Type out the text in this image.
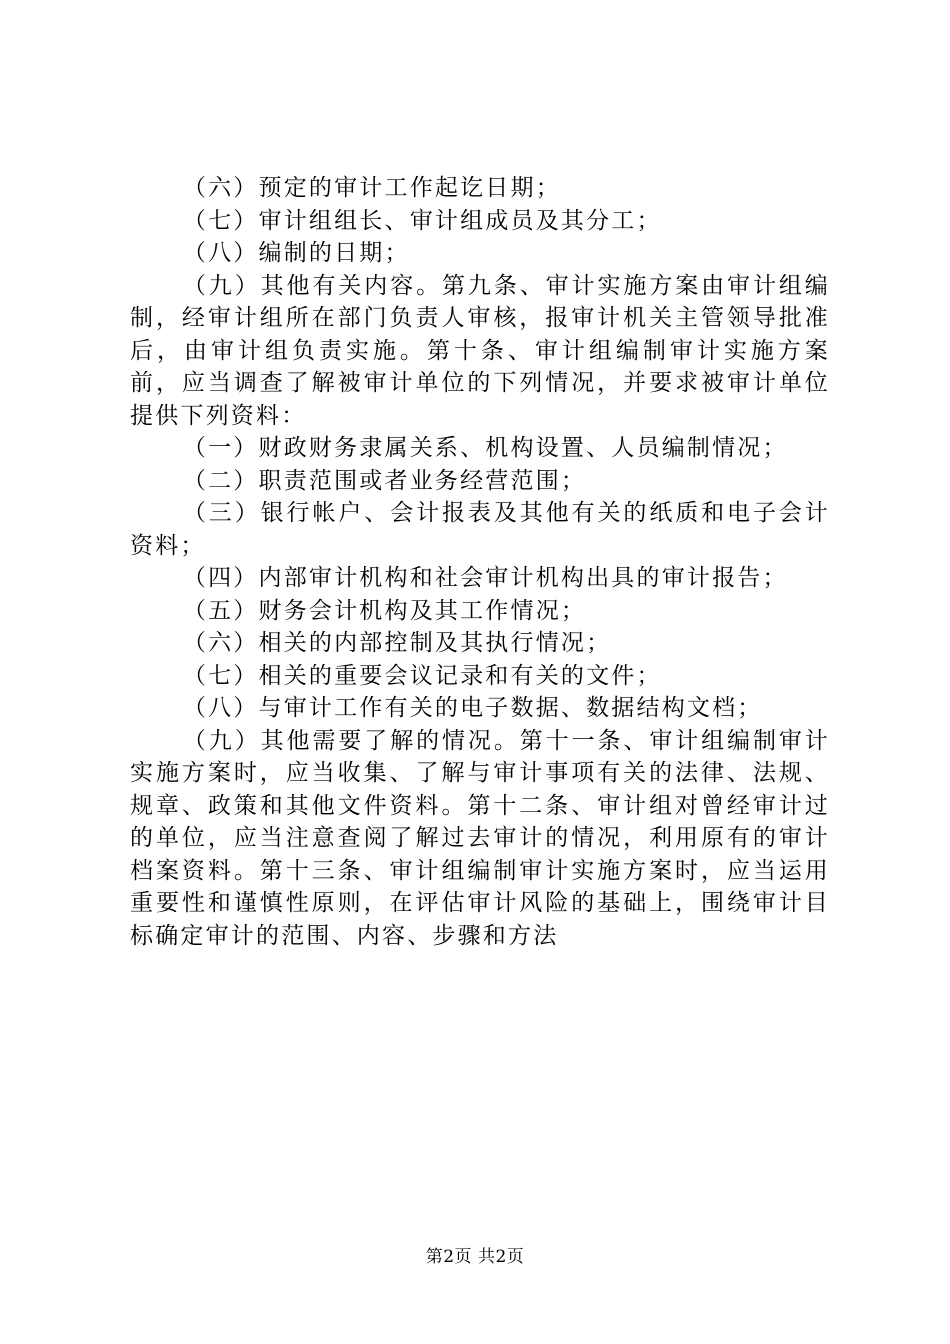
（六）预定的审计工作起讫日期；

（七）审计组组长、审计组成员及其分工；

（八）编制的日期；

（九）其他有关内容。第九条、审计实施方案由审计组编制，经审计组所在部门负责人审核，报审计机关主管领导批准后，由审计组负责实施。第十条、审计组编制审计实施方案前，应当调查了解被审计单位的下列情况，并要求被审计单位提供下列资料：

（一）财政财务隶属关系、机构设置、人员编制情况；

（二）职责范围或者业务经营范围；

（三）银行帐户、会计报表及其他有关的纸质和电子会计资料；

（四）内部审计机构和社会审计机构出具的审计报告；

（五）财务会计机构及其工作情况；

（六）相关的内部控制及其执行情况；

（七）相关的重要会议记录和有关的文件；

（八）与审计工作有关的电子数据、数据结构文档；

（九）其他需要了解的情况。第十一条、审计组编制审计实施方案时，应当收集、了解与审计事项有关的法律、法规、规章、政策和其他文件资料。第十二条、审计组对曾经审计过的单位，应当注意查阅了解过去审计的情况，利用原有的审计档案资料。第十三条、审计组编制审计实施方案时，应当运用重要性和谨慎性原则，在评估审计风险的基础上，围绕审计目标确定审计的范围、内容、步骤和方法

第2页 共2页
